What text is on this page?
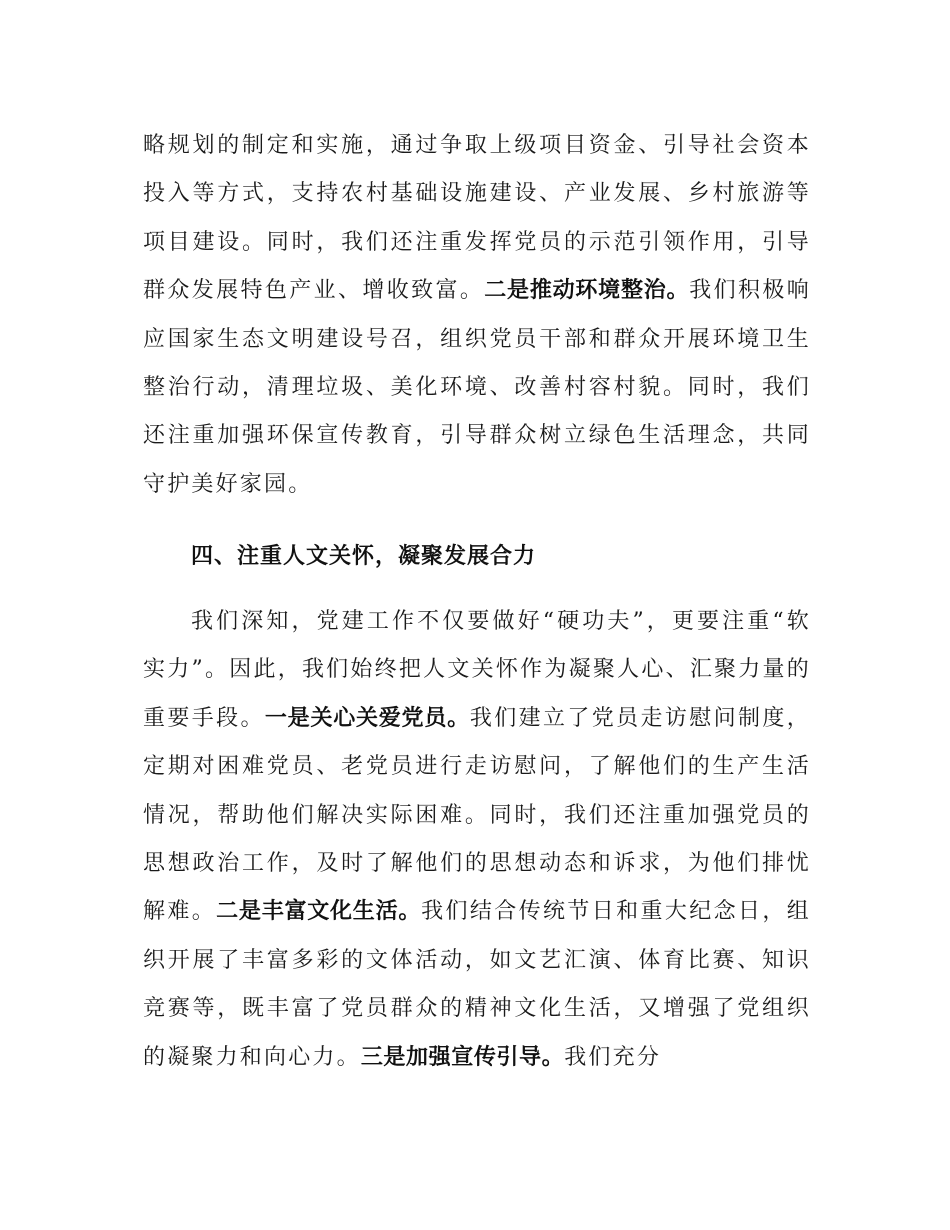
略规划的制定和实施，通过争取上级项目资金、引导社会资本投入等方式，支持农村基础设施建设、产业发展、乡村旅游等项目建设。同时，我们还注重发挥党员的示范引领作用，引导群众发展特色产业、增收致富。二是推动环境整治。我们积极响应国家生态文明建设号召，组织党员干部和群众开展环境卫生整治行动，清理垃圾、美化环境、改善村容村貌。同时，我们还注重加强环保宣传教育，引导群众树立绿色生活理念，共同守护美好家园。
四、注重人文关怀，凝聚发展合力
我们深知，党建工作不仅要做好“硬功夫”，更要注重“软实力”。因此，我们始终把人文关怀作为凝聚人心、汇聚力量的重要手段。一是关心关爱党员。我们建立了党员走访慰问制度，定期对困难党员、老党员进行走访慰问，了解他们的生产生活情况，帮助他们解决实际困难。同时，我们还注重加强党员的思想政治工作，及时了解他们的思想动态和诉求，为他们排忧解难。二是丰富文化生活。我们结合传统节日和重大纪念日，组织开展了丰富多彩的文体活动，如文艺汇演、体育比赛、知识竞赛等，既丰富了党员群众的精神文化生活，又增强了党组织的凝聚力和向心力。三是加强宣传引导。我们充分
